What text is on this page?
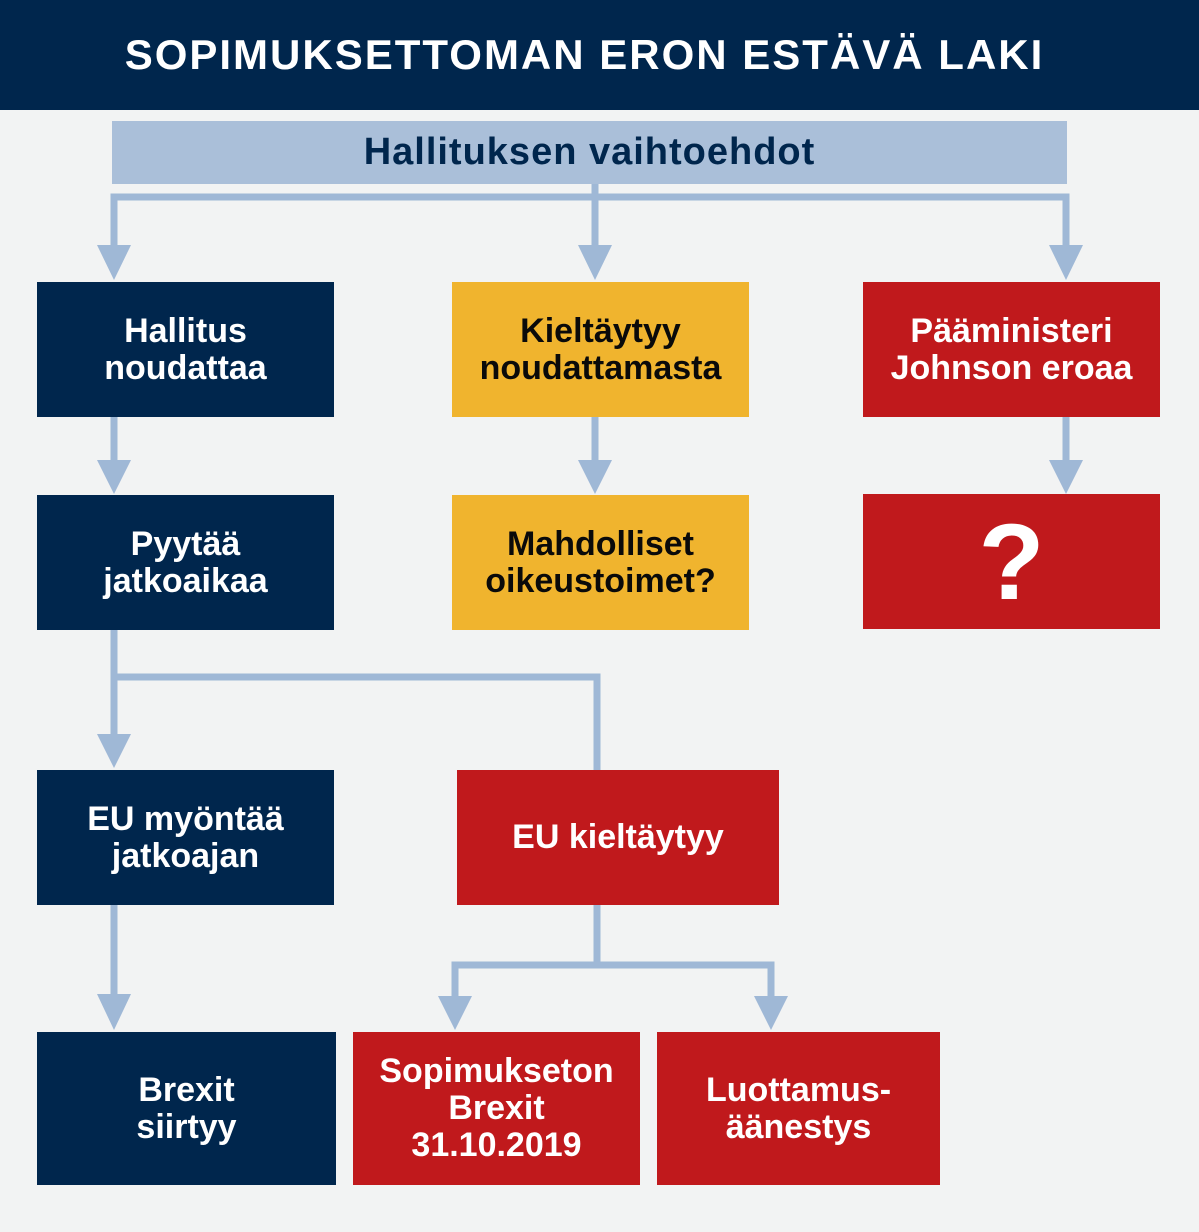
SOPIMUKSETTOMAN ERON ESTÄVÄ LAKI
Hallituksen vaihtoehdot
Hallitus
noudattaa
Kieltäytyy
noudattamasta
Pääministeri
Johnson eroaa
Pyytää
jatkoaikaa
Mahdolliset
oikeustoimet?	?
EU myöntää
jatkoajan	EU kieltäytyy
Brexit
siirtyy
Sopimukseton
Brexit
31.10.2019
Luottamus-
äänestys
